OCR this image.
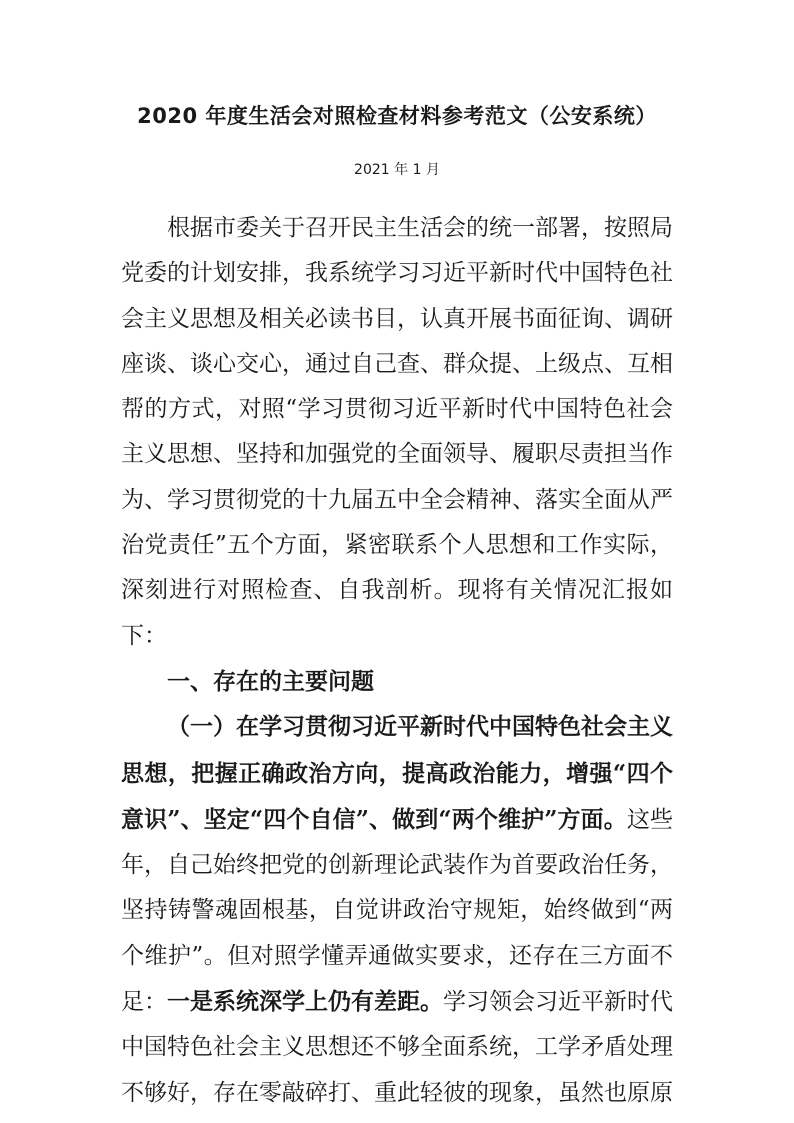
2020 年度生活会对照检查材料参考范文（公安系统）
2021 年 1 月

根据市委关于召开民主生活会的统一部署，按照局党委的计划安排，我系统学习习近平新时代中国特色社会主义思想及相关必读书目，认真开展书面征询、调研座谈、谈心交心，通过自己查、群众提、上级点、互相帮的方式，对照“学习贯彻习近平新时代中国特色社会主义思想、坚持和加强党的全面领导、履职尽责担当作为、学习贯彻党的十九届五中全会精神、落实全面从严治党责任”五个方面，紧密联系个人思想和工作实际，深刻进行对照检查、自我剖析。现将有关情况汇报如下：

一、存在的主要问题

（一）在学习贯彻习近平新时代中国特色社会主义思想，把握正确政治方向，提高政治能力，增强“四个意识”、坚定“四个自信”、做到“两个维护”方面。这些年，自己始终把党的创新理论武装作为首要政治任务，坚持铸警魂固根基，自觉讲政治守规矩，始终做到“两个维护”。但对照学懂弄通做实要求，还存在三方面不足：一是系统深学上仍有差距。学习领会习近平新时代中国特色社会主义思想还不够全面系统，工学矛盾处理不够好，存在零敲碎打、重此轻彼的现象，虽然也原原
